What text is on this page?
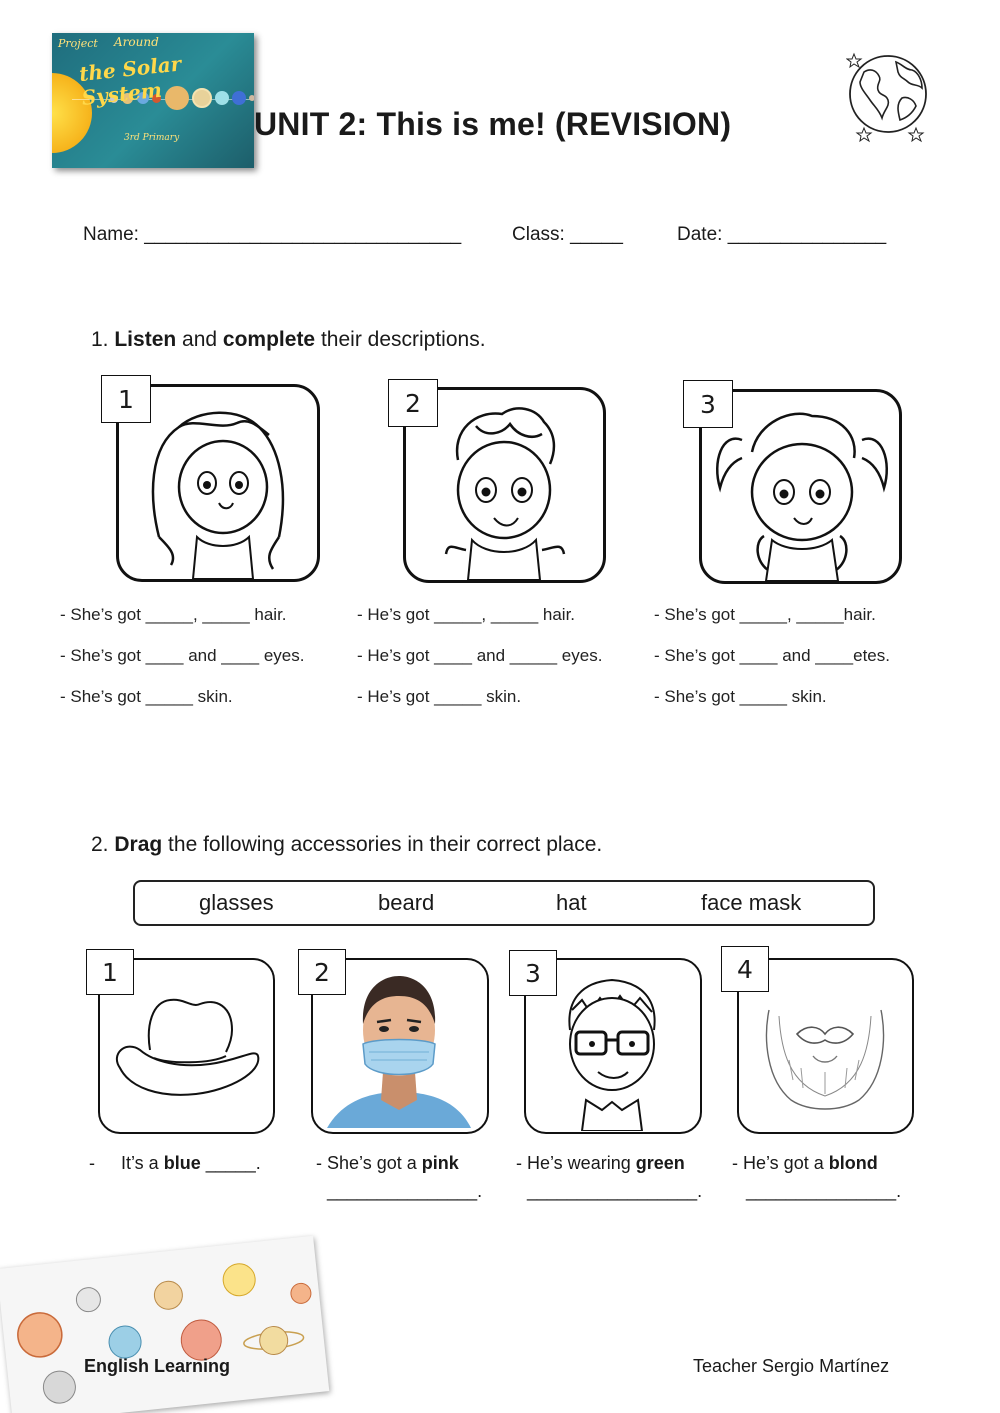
Project Around
the Solar System
3rd Primary UNIT 2: This is me! (REVISION)
Name: ______________________________	Class: _____	Date: _______________
1. Listen and complete their descriptions.
1	2	3
- She’s got _____, _____ hair.
- She’s got ____ and ____ eyes.
- She’s got _____ skin.
- He’s got _____, _____ hair.
- He’s got ____ and _____ eyes.
- He’s got _____ skin.
- She’s got _____, _____hair.
- She’s got ____ and ____etes.
- She’s got _____ skin.
2. Drag the following accessories in their correct place.
glasses	beard	hat	face mask
1	2	3	4
- It’s a blue _____.	- She’s got a pink
_______________.
- He’s wearing green
_________________.
- He’s got a blond
_______________.
English Learning	Teacher Sergio Martínez
